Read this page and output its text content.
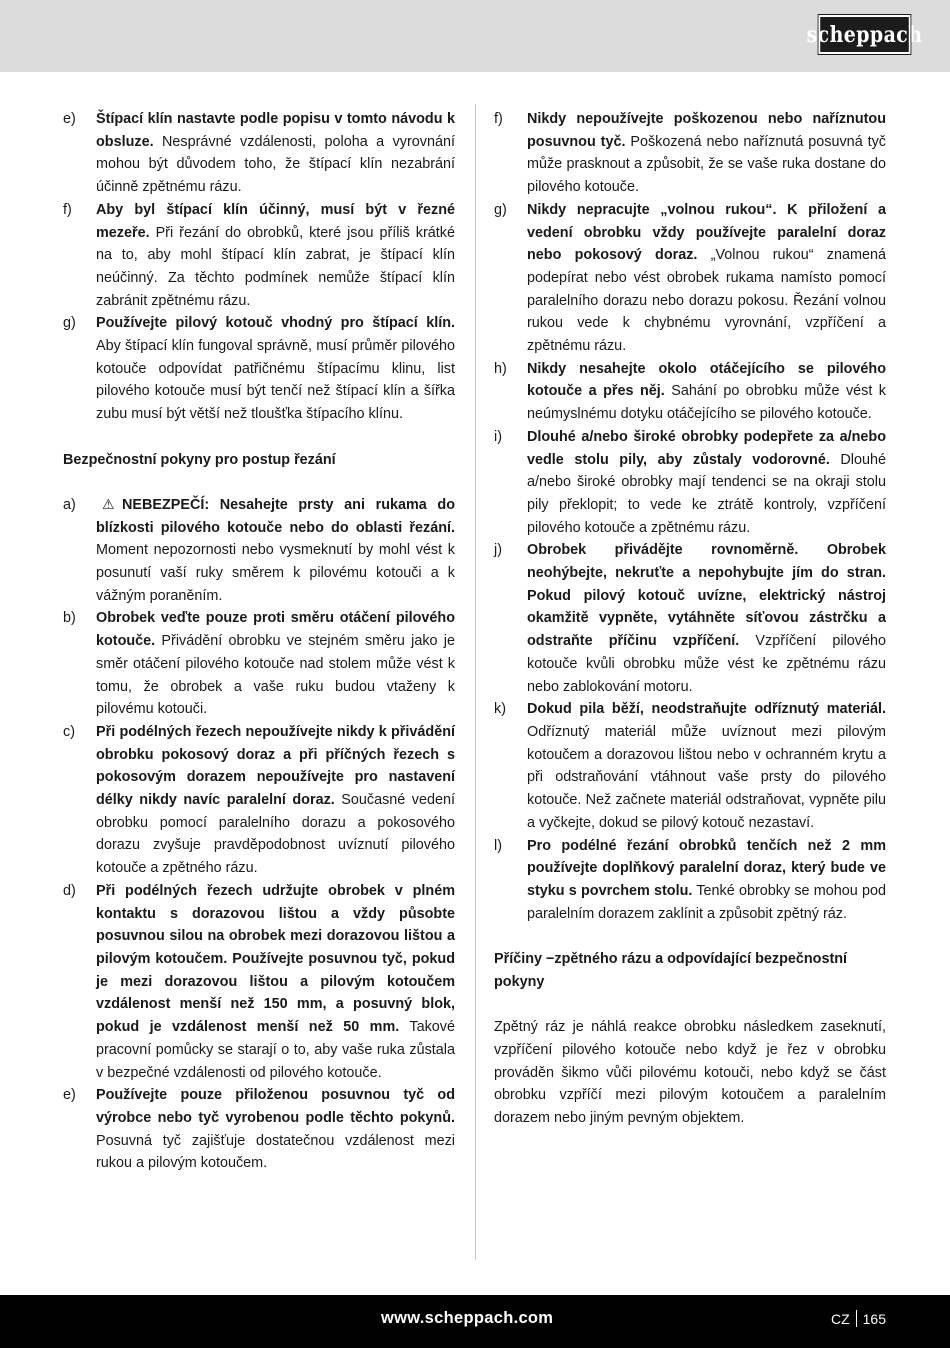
scheppach
e)	Štípací klín nastavte podle popisu v tomto návodu k obsluze. Nesprávné vzdálenosti, poloha a vyrovnání mohou být důvodem toho, že štípací klín nezabrání účinně zpětnému rázu.
f)	Aby byl štípací klín účinný, musí být v řezné mezeře. Při řezání do obrobků, které jsou příliš krátké na to, aby mohl štípací klín zabrat, je štípací klín neúčinný. Za těchto podmínek nemůže štípací klín zabránit zpětnému rázu.
g)	Používejte pilový kotouč vhodný pro štípací klín. Aby štípací klín fungoval správně, musí průměr pilového kotouče odpovídat patřičnému štípacímu klinu, list pilového kotouče musí být tenčí než štípací klín a šířka zubu musí být větší než tloušťka štípacího klínu.

Bezpečnostní pokyny pro postup řezání

a)	⚠ NEBEZPEČÍ: Nesahejte prsty ani rukama do blízkosti pilového kotouče nebo do oblasti řezání. Moment nepozornosti nebo vysmeknutí by mohl vést k posunutí vaší ruky směrem k pilovému kotouči a k vážným poraněním.
b)	Obrobek veďte pouze proti směru otáčení pilového kotouče. Přivádění obrobku ve stejném směru jako je směr otáčení pilového kotouče nad stolem může vést k tomu, že obrobek a vaše ruku budou vtaženy k pilovému kotouči.
c)	Při podélných řezech nepoužívejte nikdy k přivádění obrobku pokosový doraz a při příčných řezech s pokosovým dorazem nepoužívejte pro nastavení délky nikdy navíc paralelní doraz. Současné vedení obrobku pomocí paralelního dorazu a pokosového dorazu zvyšuje pravděpodobnost uvíznutí pilového kotouče a zpětného rázu.
d)	Při podélných řezech udržujte obrobek v plném kontaktu s dorazovou lištou a vždy působte posuvnou silou na obrobek mezi dorazovou lištou a pilovým kotoučem. Používejte posuvnou tyč, pokud je mezi dorazovou lištou a pilovým kotoučem vzdálenost menší než 150 mm, a posuvný blok, pokud je vzdálenost menší než 50 mm. Takové pracovní pomůcky se starají o to, aby vaše ruka zůstala v bezpečné vzdálenosti od pilového kotouče.
e)	Používejte pouze přiloženou posuvnou tyč od výrobce nebo tyč vyrobenou podle těchto pokynů. Posuvná tyč zajišťuje dostatečnou vzdálenost mezi rukou a pilovým kotoučem.
f)	Nikdy nepoužívejte poškozenou nebo naříznutou posuvnou tyč. Poškozená nebo naříznutá posuvná tyč může prasknout a způsobit, že se vaše ruka dostane do pilového kotouče.
g)	Nikdy nepracujte „volnou rukou“. K přiložení a vedení obrobku vždy používejte paralelní doraz nebo pokosový doraz. „Volnou rukou“ znamená podepírat nebo vést obrobek rukama namísto pomocí paralelního dorazu nebo dorazu pokosu. Řezání volnou rukou vede k chybnému vyrovnání, vzpříčení a zpětnému rázu.
h)	Nikdy nesahejte okolo otáčejícího se pilového kotouče a přes něj. Sahání po obrobku může vést k neúmyslnému dotyku otáčejícího se pilového kotouče.
i)	Dlouhé a/nebo široké obrobky podepřete za a/nebo vedle stolu pily, aby zůstaly vodorovné. Dlouhé a/nebo široké obrobky mají tendenci se na okraji stolu pily překlopit; to vede ke ztrátě kontroly, vzpříčení pilového kotouče a zpětnému rázu.
j)	Obrobek přivádějte rovnoměrně. Obrobek neohýbejte, nekruťte a nepohybujte jím do stran. Pokud pilový kotouč uvízne, elektrický nástroj okamžitě vypněte, vytáhněte síťovou zástrčku a odstraňte příčinu vzpříčení. Vzpříčení pilového kotouče kvůli obrobku může vést ke zpětnému rázu nebo zablokování motoru.
k)	Dokud pila běží, neodstraňujte odříznutý materiál. Odříznutý materiál může uvíznout mezi pilovým kotoučem a dorazovou lištou nebo v ochranném krytu a při odstraňování vtáhnout vaše prsty do pilového kotouče. Než začnete materiál odstraňovat, vypněte pilu a vyčkejte, dokud se pilový kotouč nezastaví.
l)	Pro podélné řezání obrobků tenčích než 2 mm používejte doplňkový paralelní doraz, který bude ve styku s povrchem stolu. Tenké obrobky se mohou pod paralelním dorazem zaklínit a způsobit zpětný ráz.

Příčiny −zpětného rázu a odpovídající bezpečnostní pokyny

Zpětný ráz je náhlá reakce obrobku následkem zaseknutí, vzpříčení pilového kotouče nebo když je řez v obrobku prováděn šikmo vůči pilovému kotouči, nebo když se část obrobku vzpříčí mezi pilovým kotoučem a paralelním dorazem nebo jiným pevným objektem.

www.scheppach.com	CZ 165
